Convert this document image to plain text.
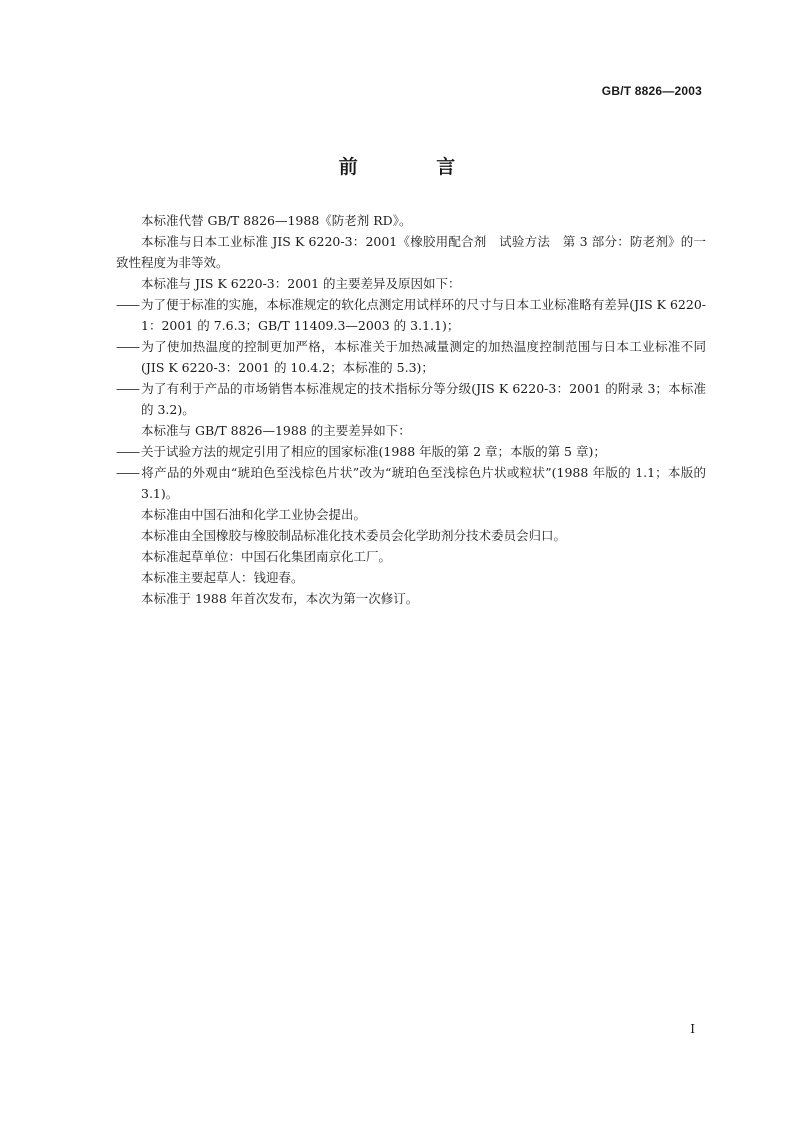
GB/T 8826—2003
前 言

本标准代替 GB/T 8826—1988《防老剂 RD》。

本标准与日本工业标准 JIS K 6220-3：2001《橡胶用配合剂　试验方法　第 3 部分：防老剂》的一致性程度为非等效。

本标准与 JIS K 6220-3：2001 的主要差异及原因如下：

—— 为了便于标准的实施，本标准规定的软化点测定用试样环的尺寸与日本工业标准略有差异(JIS K 6220-1：2001 的 7.6.3；GB/T 11409.3—2003 的 3.1.1)；

—— 为了使加热温度的控制更加严格，本标准关于加热减量测定的加热温度控制范围与日本工业标准不同(JIS K 6220-3：2001 的 10.4.2；本标准的 5.3)；

—— 为了有利于产品的市场销售本标准规定的技术指标分等分级(JIS K 6220-3：2001 的附录 3；本标准的 3.2)。

本标准与 GB/T 8826—1988 的主要差异如下：

—— 关于试验方法的规定引用了相应的国家标准(1988 年版的第 2 章；本版的第 5 章)；

—— 将产品的外观由“琥珀色至浅棕色片状”改为“琥珀色至浅棕色片状或粒状”(1988 年版的 1.1；本版的 3.1)。

本标准由中国石油和化学工业协会提出。

本标准由全国橡胶与橡胶制品标准化技术委员会化学助剂分技术委员会归口。

本标准起草单位：中国石化集团南京化工厂。

本标准主要起草人：钱迎春。

本标准于 1988 年首次发布，本次为第一次修订。

I
